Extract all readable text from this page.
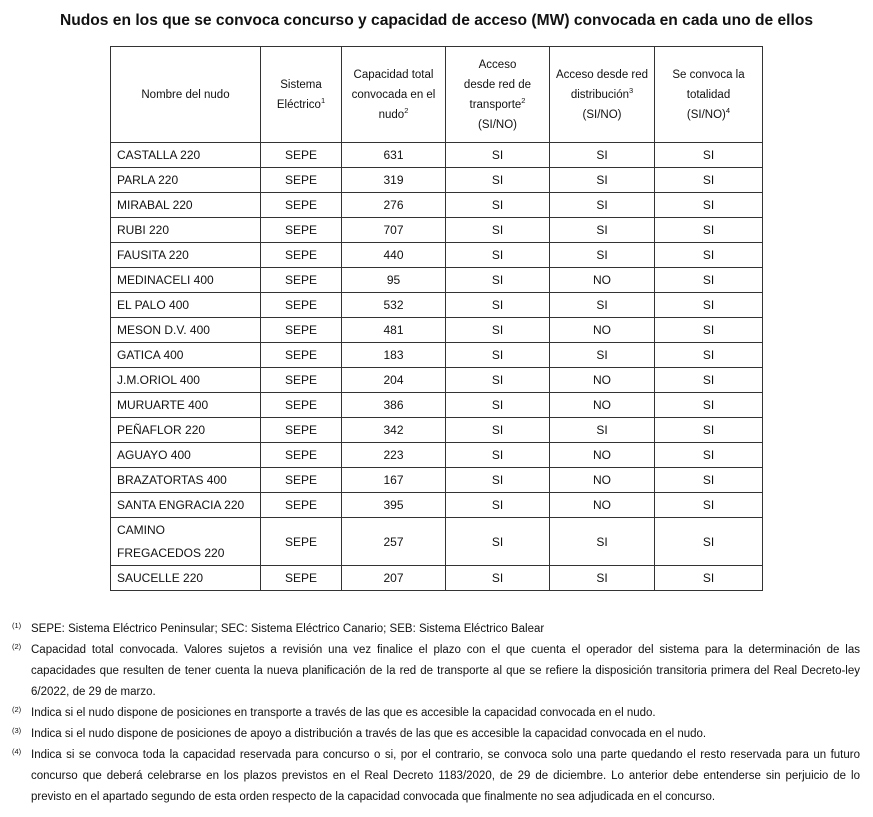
Nudos en los que se convoca concurso y capacidad de acceso (MW) convocada en cada uno de ellos
Nombre del nudo	Sistema Eléctrico$^1$	Capacidad total convocada en el nudo$^2$	Acceso desde red de transporte$^2$ (SI/NO)	Acceso desde red distribución$^3$ (SI/NO)	Se convoca la totalidad $(SI/NO)^4$
CASTALLA 220	SEPE	631	SI	SI	SI
PARLA 220	SEPE	319	SI	SI	SI
MIRABAL 220	SEPE	276	SI	SI	SI
RUBI 220	SEPE	707	SI	SI	SI
FAUSITA 220	SEPE	440	SI	SI	SI
MEDINACELI 400	SEPE	95	SI	NO	SI
EL PALO 400	SEPE	532	SI	SI	SI
MESON D.V. 400	SEPE	481	SI	NO	SI
GATICA 400	SEPE	183	SI	SI	SI
J.M.ORIOL 400	SEPE	204	SI	NO	SI
MURUARTE 400	SEPE	386	SI	NO	SI
PEÑAFLOR 220	SEPE	342	SI	SI	SI
AGUAYO 400	SEPE	223	SI	NO	SI
BRAZATORTAS 400	SEPE	167	SI	NO	SI
SANTA ENGRACIA 220	SEPE	395	SI	NO	SI
CAMINO FREGACEDOS 220	SEPE	257	SI	SI	SI
SAUCELLE 220	SEPE	207	SI	SI	SI
(1) SEPE: Sistema Eléctrico Peninsular; SEC: Sistema Eléctrico Canario; SEB: Sistema Eléctrico Balear
(2) Capacidad total convocada. Valores sujetos a revisión una vez finalice el plazo con el que cuenta el operador del sistema para la determinación de las capacidades que resulten de tener cuenta la nueva planificación de la red de transporte al que se refiere la disposición transitoria primera del Real Decreto-ley 6/2022, de 29 de marzo.
(2) Indica si el nudo dispone de posiciones en transporte a través de las que es accesible la capacidad convocada en el nudo.
(3) Indica si el nudo dispone de posiciones de apoyo a distribución a través de las que es accesible la capacidad convocada en el nudo.
(4) Indica si se convoca toda la capacidad reservada para concurso o si, por el contrario, se convoca solo una parte quedando el resto reservada para un futuro concurso que deberá celebrarse en los plazos previstos en el Real Decreto 1183/2020, de 29 de diciembre. Lo anterior debe entenderse sin perjuicio de lo previsto en el apartado segundo de esta orden respecto de la capacidad convocada que finalmente no sea adjudicada en el concurso.
